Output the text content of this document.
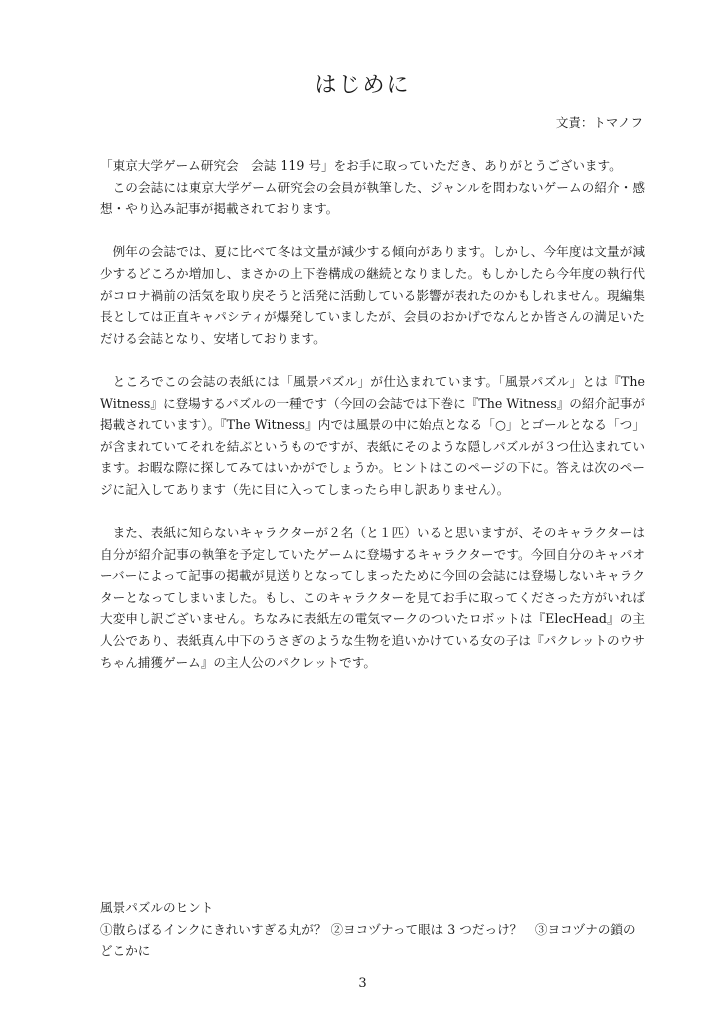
はじめに

文責：トマノフ

「東京大学ゲーム研究会　会誌 119 号」をお手に取っていただき、ありがとうございます。

この会誌には東京大学ゲーム研究会の会員が執筆した、ジャンルを問わないゲームの紹介・感想・やり込み記事が掲載されております。

例年の会誌では、夏に比べて冬は文量が減少する傾向があります。しかし、今年度は文量が減少するどころか増加し、まさかの上下巻構成の継続となりました。もしかしたら今年度の執行代がコロナ禍前の活気を取り戻そうと活発に活動している影響が表れたのかもしれません。現編集長としては正直キャパシティが爆発していましたが、会員のおかげでなんとか皆さんの満足いただける会誌となり、安堵しております。

ところでこの会誌の表紙には「風景パズル」が仕込まれています。「風景パズル」とは『The Witness』に登場するパズルの一種です（今回の会誌では下巻に『The Witness』の紹介記事が掲載されています）。『The Witness』内では風景の中に始点となる「○」とゴールとなる「つ」が含まれていてそれを結ぶというものですが、表紙にそのような隠しパズルが３つ仕込まれています。お暇な際に探してみてはいかがでしょうか。ヒントはこのページの下に。答えは次のページに記入してあります（先に目に入ってしまったら申し訳ありません）。

また、表紙に知らないキャラクターが２名（と１匹）いると思いますが、そのキャラクターは自分が紹介記事の執筆を予定していたゲームに登場するキャラクターです。今回自分のキャパオーバーによって記事の掲載が見送りとなってしまったために今回の会誌には登場しないキャラクターとなってしまいました。もし、このキャラクターを見てお手に取ってくださった方がいれば大変申し訳ございません。ちなみに表紙左の電気マークのついたロボットは『ElecHead』の主人公であり、表紙真ん中下のうさぎのような生物を追いかけている女の子は『パクレットのウサちゃん捕獲ゲーム』の主人公のパクレットです。

風景パズルのヒント

①散らばるインクにきれいすぎる丸が？ ②ヨコヅナって眼は 3 つだっけ？　③ヨコヅナの鎖のどこかに

3
